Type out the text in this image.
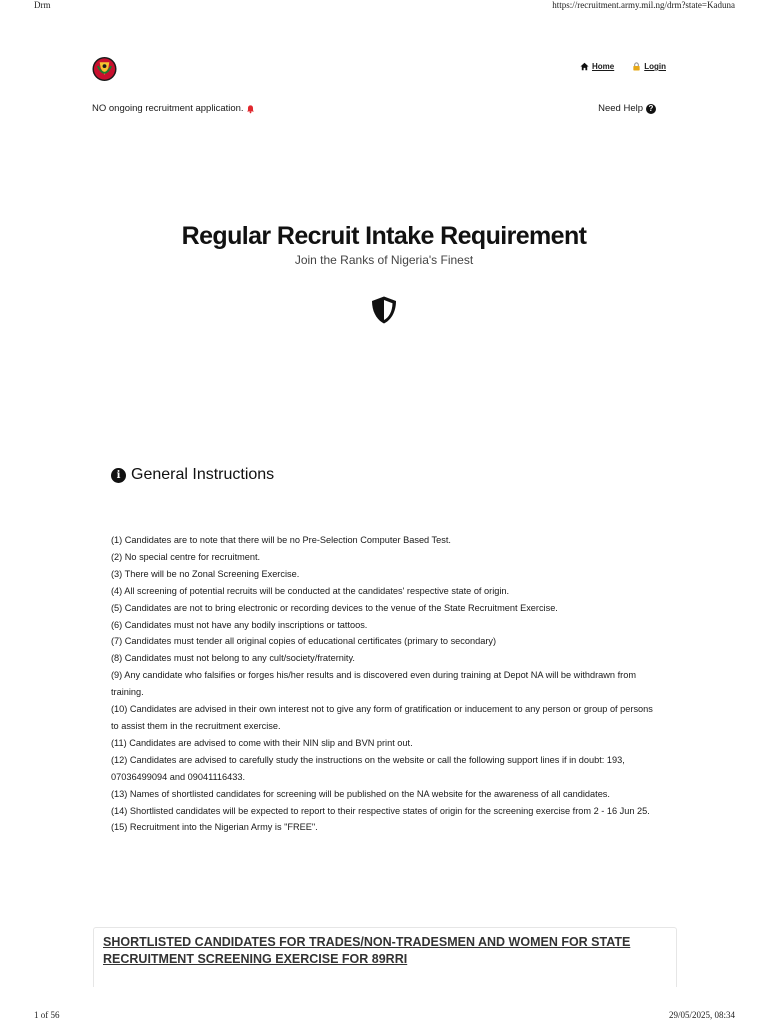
Drm	https://recruitment.army.mil.ng/drm?state=Kaduna
Home	Login
NO ongoing recruitment application.	Need Help ?
Regular Recruit Intake Requirement

Join the Ranks of Nigeria's Finest

i General Instructions
(1) Candidates are to note that there will be no Pre-Selection Computer Based Test.
(2) No special centre for recruitment.
(3) There will be no Zonal Screening Exercise.
(4) All screening of potential recruits will be conducted at the candidates' respective state of origin.
(5) Candidates are not to bring electronic or recording devices to the venue of the State Recruitment Exercise.
(6) Candidates must not have any bodily inscriptions or tattoos.
(7) Candidates must tender all original copies of educational certificates (primary to secondary)
(8) Candidates must not belong to any cult/society/fraternity.
(9) Any candidate who falsifies or forges his/her results and is discovered even during training at Depot NA will be withdrawn from training.
(10) Candidates are advised in their own interest not to give any form of gratification or inducement to any person or group of persons to assist them in the recruitment exercise.
(11) Candidates are advised to come with their NIN slip and BVN print out.
(12) Candidates are advised to carefully study the instructions on the website or call the following support lines if in doubt: 193, 07036499094 and 09041116433.
(13) Names of shortlisted candidates for screening will be published on the NA website for the awareness of all candidates.
(14) Shortlisted candidates will be expected to report to their respective states of origin for the screening exercise from 2 - 16 Jun 25.
(15) Recruitment into the Nigerian Army is "FREE".
SHORTLISTED CANDIDATES FOR TRADES/NON-TRADESMEN AND WOMEN FOR STATE RECRUITMENT SCREENING EXERCISE FOR 89RRI
1 of 56	29/05/2025, 08:34
